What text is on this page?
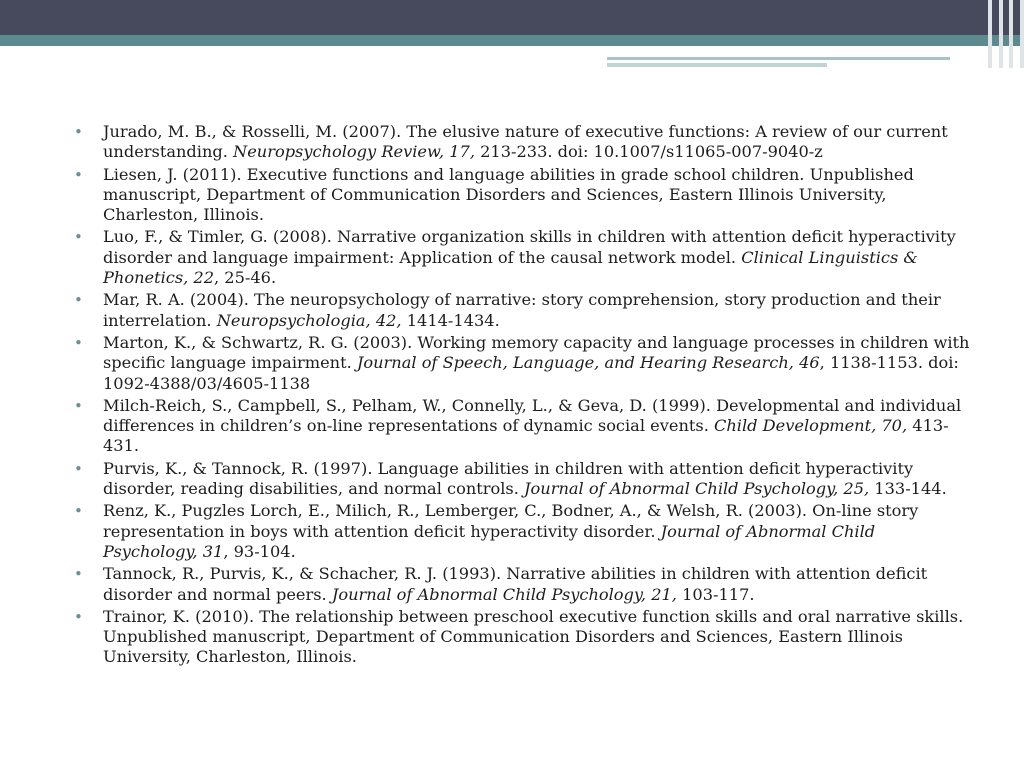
• Jurado, M. B., & Rosselli, M. (2007). The elusive nature of executive functions: A review of our current understanding. Neuropsychology Review, 17, 213-233. doi: 10.1007/s11065-007-9040-z
• Liesen, J. (2011). Executive functions and language abilities in grade school children. Unpublished manuscript, Department of Communication Disorders and Sciences, Eastern Illinois University, Charleston, Illinois.
• Luo, F., & Timler, G. (2008). Narrative organization skills in children with attention deficit hyperactivity disorder and language impairment: Application of the causal network model. Clinical Linguistics & Phonetics, 22, 25-46.
• Mar, R. A. (2004). The neuropsychology of narrative: story comprehension, story production and their interrelation. Neuropsychologia, 42, 1414-1434.
• Marton, K., & Schwartz, R. G. (2003). Working memory capacity and language processes in children with specific language impairment. Journal of Speech, Language, and Hearing Research, 46, 1138-1153. doi: 1092-4388/03/4605-1138
• Milch-Reich, S., Campbell, S., Pelham, W., Connelly, L., & Geva, D. (1999). Developmental and individual differences in children’s on-line representations of dynamic social events. Child Development, 70, 413-431.
• Purvis, K., & Tannock, R. (1997). Language abilities in children with attention deficit hyperactivity disorder, reading disabilities, and normal controls. Journal of Abnormal Child Psychology, 25, 133-144.
• Renz, K., Pugzles Lorch, E., Milich, R., Lemberger, C., Bodner, A., & Welsh, R. (2003). On-line story representation in boys with attention deficit hyperactivity disorder. Journal of Abnormal Child Psychology, 31, 93-104.
• Tannock, R., Purvis, K., & Schacher, R. J. (1993). Narrative abilities in children with attention deficit disorder and normal peers. Journal of Abnormal Child Psychology, 21, 103-117.
• Trainor, K. (2010). The relationship between preschool executive function skills and oral narrative skills. Unpublished manuscript, Department of Communication Disorders and Sciences, Eastern Illinois University, Charleston, Illinois.
